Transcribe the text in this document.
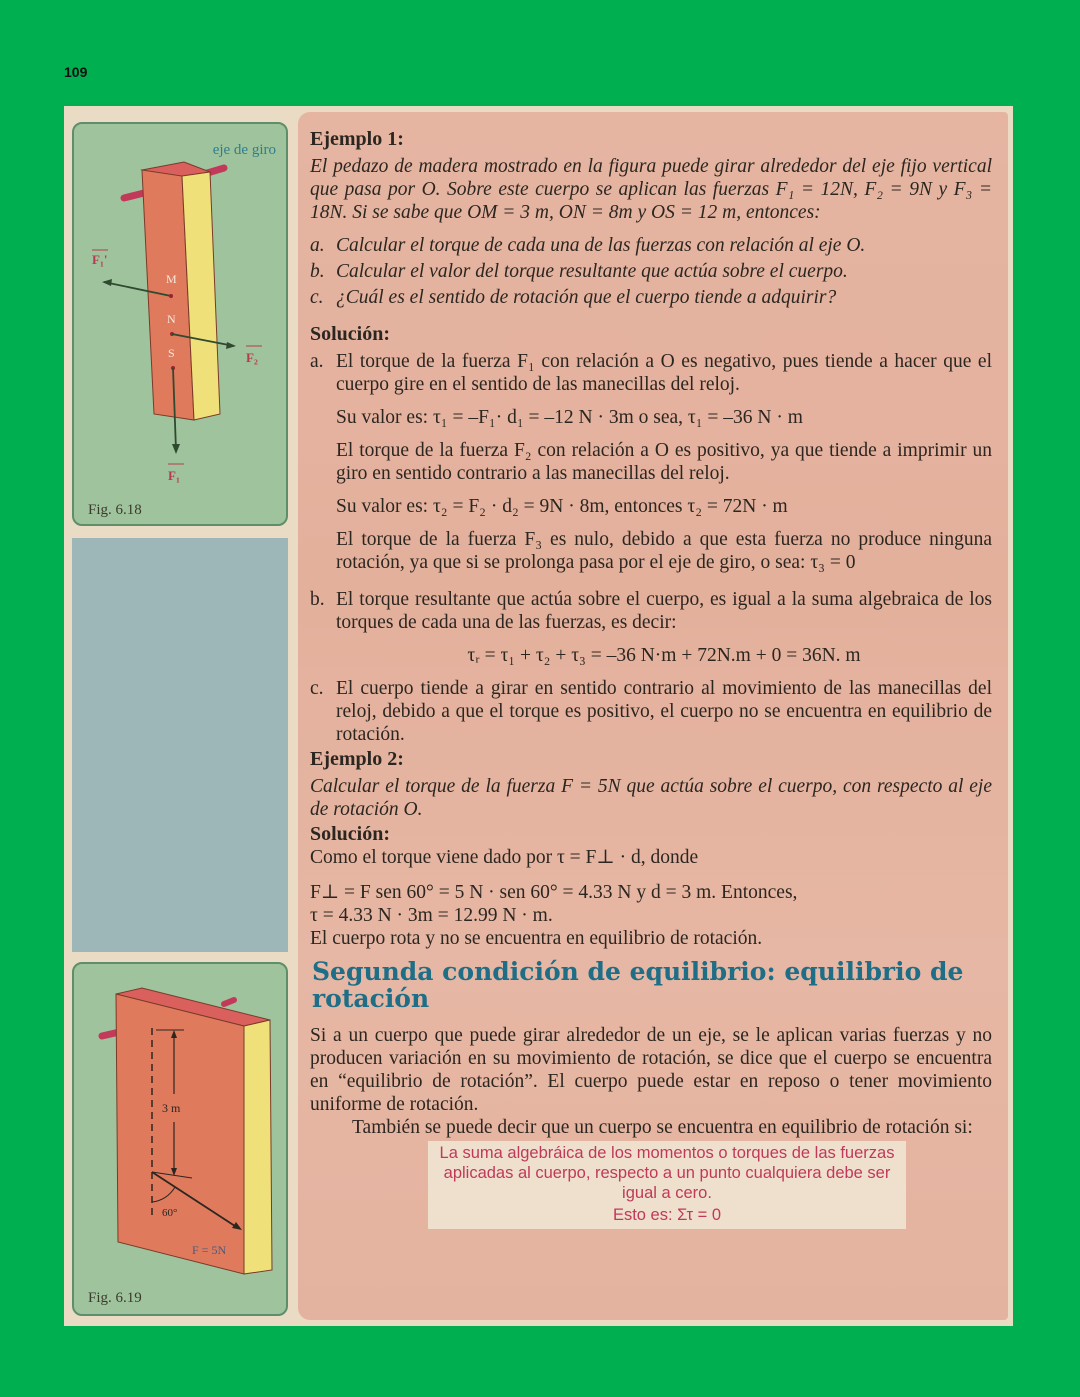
109
eje de giro
F₁'
M
N
S	F₂
F₁
Fig. 6.18
3 m
60°
F = 5N
Fig. 6.19
Ejemplo 1:

El pedazo de madera mostrado en la figura puede girar alrededor del eje fijo vertical que pasa por O. Sobre este cuerpo se aplican las fuerzas F₁ = 12N, F₂ = 9N y F₃ = 18N. Si se sabe que OM = 3 m, ON = 8m y OS = 12 m, entonces:

a. Calcular el torque de cada una de las fuerzas con relación al eje O.
b. Calcular el valor del torque resultante que actúa sobre el cuerpo.
c. ¿Cuál es el sentido de rotación que el cuerpo tiende a adquirir?
Solución:
a. El torque de la fuerza F₁ con relación a O es negativo, pues tiende a hacer que el cuerpo gire en el sentido de las manecillas del reloj.
Su valor es: τ₁ = –F₁· d₁ = –12 N · 3m o sea, τ₁ = –36 N · m

El torque de la fuerza F₂ con relación a O es positivo, ya que tiende a imprimir un giro en sentido contrario a las manecillas del reloj.

Su valor es: τ₂ = F₂ · d₂ = 9N · 8m, entonces τ₂ = 72N · m

El torque de la fuerza F₃ es nulo, debido a que esta fuerza no produce ninguna rotación, ya que si se prolonga pasa por el eje de giro, o sea: τ₃ = 0

b. El torque resultante que actúa sobre el cuerpo, es igual a la suma algebraica de los torques de cada una de las fuerzas, es decir:
τᵣ = τ₁ + τ₂ + τ₃ = –36 N·m + 72N.m + 0 = 36N. m
c. El cuerpo tiende a girar en sentido contrario al movimiento de las manecillas del reloj, debido a que el torque es positivo, el cuerpo no se encuentra en equilibrio de rotación.
Ejemplo 2:

Calcular el torque de la fuerza F = 5N que actúa sobre el cuerpo, con respecto al eje de rotación O.

Solución:

Como el torque viene dado por τ = F⊥ · d, donde

F⊥ = F sen 60° = 5 N · sen 60° = 4.33 N y d = 3 m. Entonces,

τ = 4.33 N · 3m = 12.99 N · m.

El cuerpo rota y no se encuentra en equilibrio de rotación.

Segunda condición de equilibrio: equilibrio de rotación

Si a un cuerpo que puede girar alrededor de un eje, se le aplican varias fuerzas y no producen variación en su movimiento de rotación, se dice que el cuerpo se encuentra en “equilibrio de rotación”. El cuerpo puede estar en reposo o tener movimiento uniforme de rotación.

También se puede decir que un cuerpo se encuentra en equilibrio de rotación si:

La suma algebráica de los momentos o torques de las fuerzas aplicadas al cuerpo, respecto a un punto cualquiera debe ser igual a cero.
Esto es: Στ = 0
